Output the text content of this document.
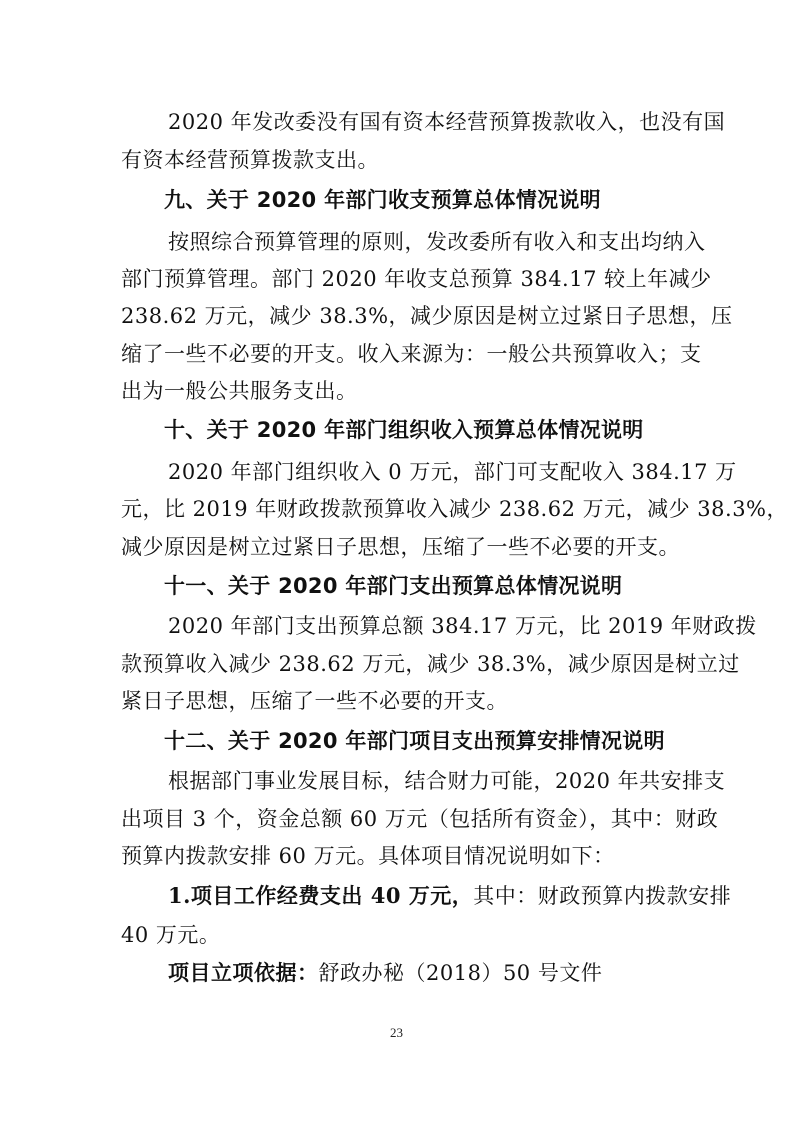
2020 年发改委没有国有资本经营预算拨款收入，也没有国
有资本经营预算拨款支出。
九、关于 2020 年部门收支预算总体情况说明
按照综合预算管理的原则，发改委所有收入和支出均纳入
部门预算管理。部门 2020 年收支总预算 384.17 较上年减少
238.62 万元，减少 38.3%，减少原因是树立过紧日子思想，压
缩了一些不必要的开支。收入来源为：一般公共预算收入；支
出为一般公共服务支出。
十、关于 2020 年部门组织收入预算总体情况说明
2020 年部门组织收入 0 万元，部门可支配收入 384.17 万
元，比 2019 年财政拨款预算收入减少 238.62 万元，减少 38.3%，
减少原因是树立过紧日子思想，压缩了一些不必要的开支。
十一、关于 2020 年部门支出预算总体情况说明
2020 年部门支出预算总额 384.17 万元，比 2019 年财政拨
款预算收入减少 238.62 万元，减少 38.3%，减少原因是树立过
紧日子思想，压缩了一些不必要的开支。
十二、关于 2020 年部门项目支出预算安排情况说明
根据部门事业发展目标，结合财力可能，2020 年共安排支
出项目 3 个，资金总额 60 万元（包括所有资金），其中：财政
预算内拨款安排 60 万元。具体项目情况说明如下：
1.项目工作经费支出 40 万元，其中：财政预算内拨款安排
40 万元。
项目立项依据：舒政办秘（2018）50 号文件
23
